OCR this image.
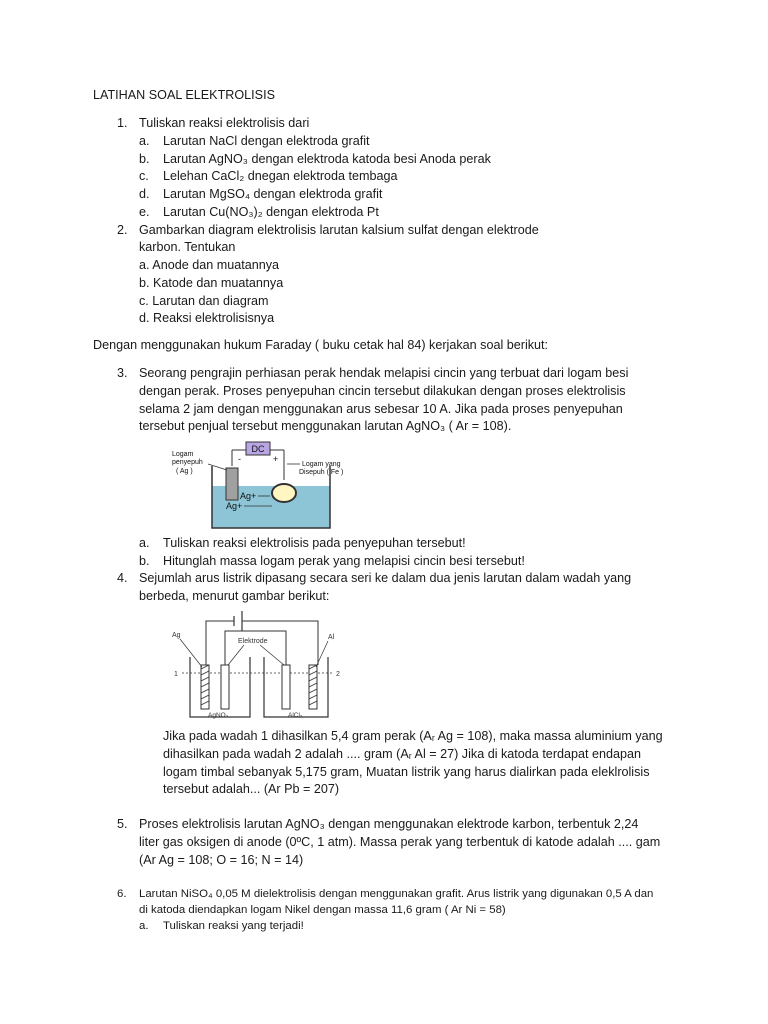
LATIHAN SOAL ELEKTROLISIS
1. Tuliskan reaksi elektrolisis dari
a.	Larutan NaCl dengan elektroda grafit
b.	Larutan AgNO₃ dengan elektroda katoda besi Anoda perak
c.	Lelehan CaCl₂ dnegan elektroda tembaga
d.	Larutan MgSO₄ dengan elektroda grafit
e.	Larutan Cu(NO₃)₂ dengan elektroda Pt
2. Gambarkan diagram elektrolisis larutan kalsium sulfat dengan elektrode
karbon. Tentukan
a. Anode dan muatannya
b. Katode dan muatannya
c. Larutan dan diagram
d. Reaksi elektrolisisnya
Dengan menggunakan hukum Faraday ( buku cetak hal 84) kerjakan soal berikut:
3. Seorang pengrajin perhiasan perak hendak melapisi cincin yang terbuat dari logam besi
dengan perak. Proses penyepuhan cincin tersebut dilakukan dengan proses elektrolisis
selama 2 jam dengan menggunakan arus sebesar 10 A. Jika pada proses penyepuhan
tersebut penjual tersebut menggunakan larutan AgNO₃ ( Ar = 108).
DC
-	+
Logam
penyepuh
( Ag )
Logam yang
Disepuh ( Fe )
Ag+
Ag+
a.	Tuliskan reaksi elektrolisis pada penyepuhan tersebut!
b.	Hitunglah massa logam perak yang melapisi cincin besi tersebut!
4. Sejumlah arus listrik dipasang secara seri ke dalam dua jenis larutan dalam wadah yang
berbeda, menurut gambar berikut:
Ag	Al
Elektrode
1	2
AgNO₃	AlCl₃
Jika pada wadah 1 dihasilkan 5,4 gram perak (Aᵣ Ag = 108), maka massa aluminium yang
dihasilkan pada wadah 2 adalah .... gram (Aᵣ Al = 27) Jika di katoda terdapat endapan
logam timbal sebanyak 5,175 gram, Muatan listrik yang harus dialirkan pada eleklrolisis
tersebut adalah... (Ar Pb = 207)
5. Proses elektrolisis larutan AgNO₃ dengan menggunakan elektrode karbon, terbentuk 2,24
liter gas oksigen di anode (0ºC, 1 atm). Massa perak yang terbentuk di katode adalah .... gam
(Ar Ag = 108; O = 16; N = 14)
6.	Larutan NiSO₄ 0,05 M dielektrolisis dengan menggunakan grafit. Arus listrik yang digunakan 0,5 A dan
di katoda diendapkan logam Nikel dengan massa 11,6 gram ( Ar Ni = 58)
a.	Tuliskan reaksi yang terjadi!
